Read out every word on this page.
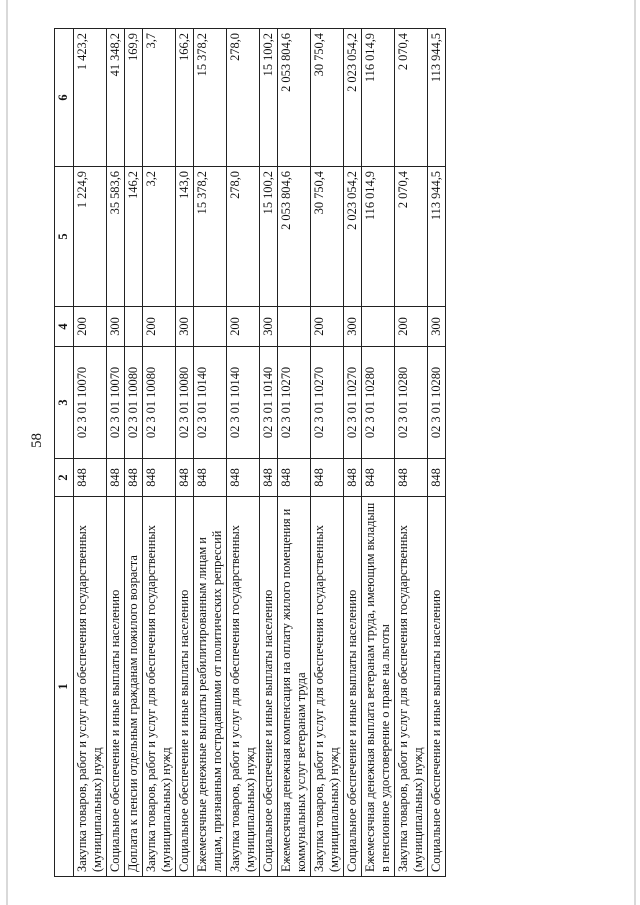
58
1	2	3	4	5	6
Закупка товаров, работ и услуг для обеспечения государственных (муниципальных) нужд	848	02 3 01 10070	200	1 224,9	1 423,2
Социальное обеспечение и иные выплаты населению	848	02 3 01 10070	300	35 583,6	41 348,2
Доплата к пенсии отдельным гражданам пожилого возраста	848	02 3 01 10080		146,2	169,9
Закупка товаров, работ и услуг для обеспечения государственных (муниципальных) нужд	848	02 3 01 10080	200	3,2	3,7
Социальное обеспечение и иные выплаты населению	848	02 3 01 10080	300	143,0	166,2
Ежемесячные денежные выплаты реабилитированным лицам и лицам, признанным пострадавшими от политических репрессий	848	02 3 01 10140		15 378,2	15 378,2
Закупка товаров, работ и услуг для обеспечения государственных (муниципальных) нужд	848	02 3 01 10140	200	278,0	278,0
Социальное обеспечение и иные выплаты населению	848	02 3 01 10140	300	15 100,2	15 100,2
Ежемесячная денежная компенсация на оплату жилого помещения и коммунальных услуг ветеранам труда	848	02 3 01 10270		2 053 804,6	2 053 804,6
Закупка товаров, работ и услуг для обеспечения государственных (муниципальных) нужд	848	02 3 01 10270	200	30 750,4	30 750,4
Социальное обеспечение и иные выплаты населению	848	02 3 01 10270	300	2 023 054,2	2 023 054,2
Ежемесячная денежная выплата ветеранам труда, имеющим вкладыш в пенсионное удостоверение о праве на льготы	848	02 3 01 10280		116 014,9	116 014,9
Закупка товаров, работ и услуг для обеспечения государственных (муниципальных) нужд	848	02 3 01 10280	200	2 070,4	2 070,4
Социальное обеспечение и иные выплаты населению	848	02 3 01 10280	300	113 944,5	113 944,5
